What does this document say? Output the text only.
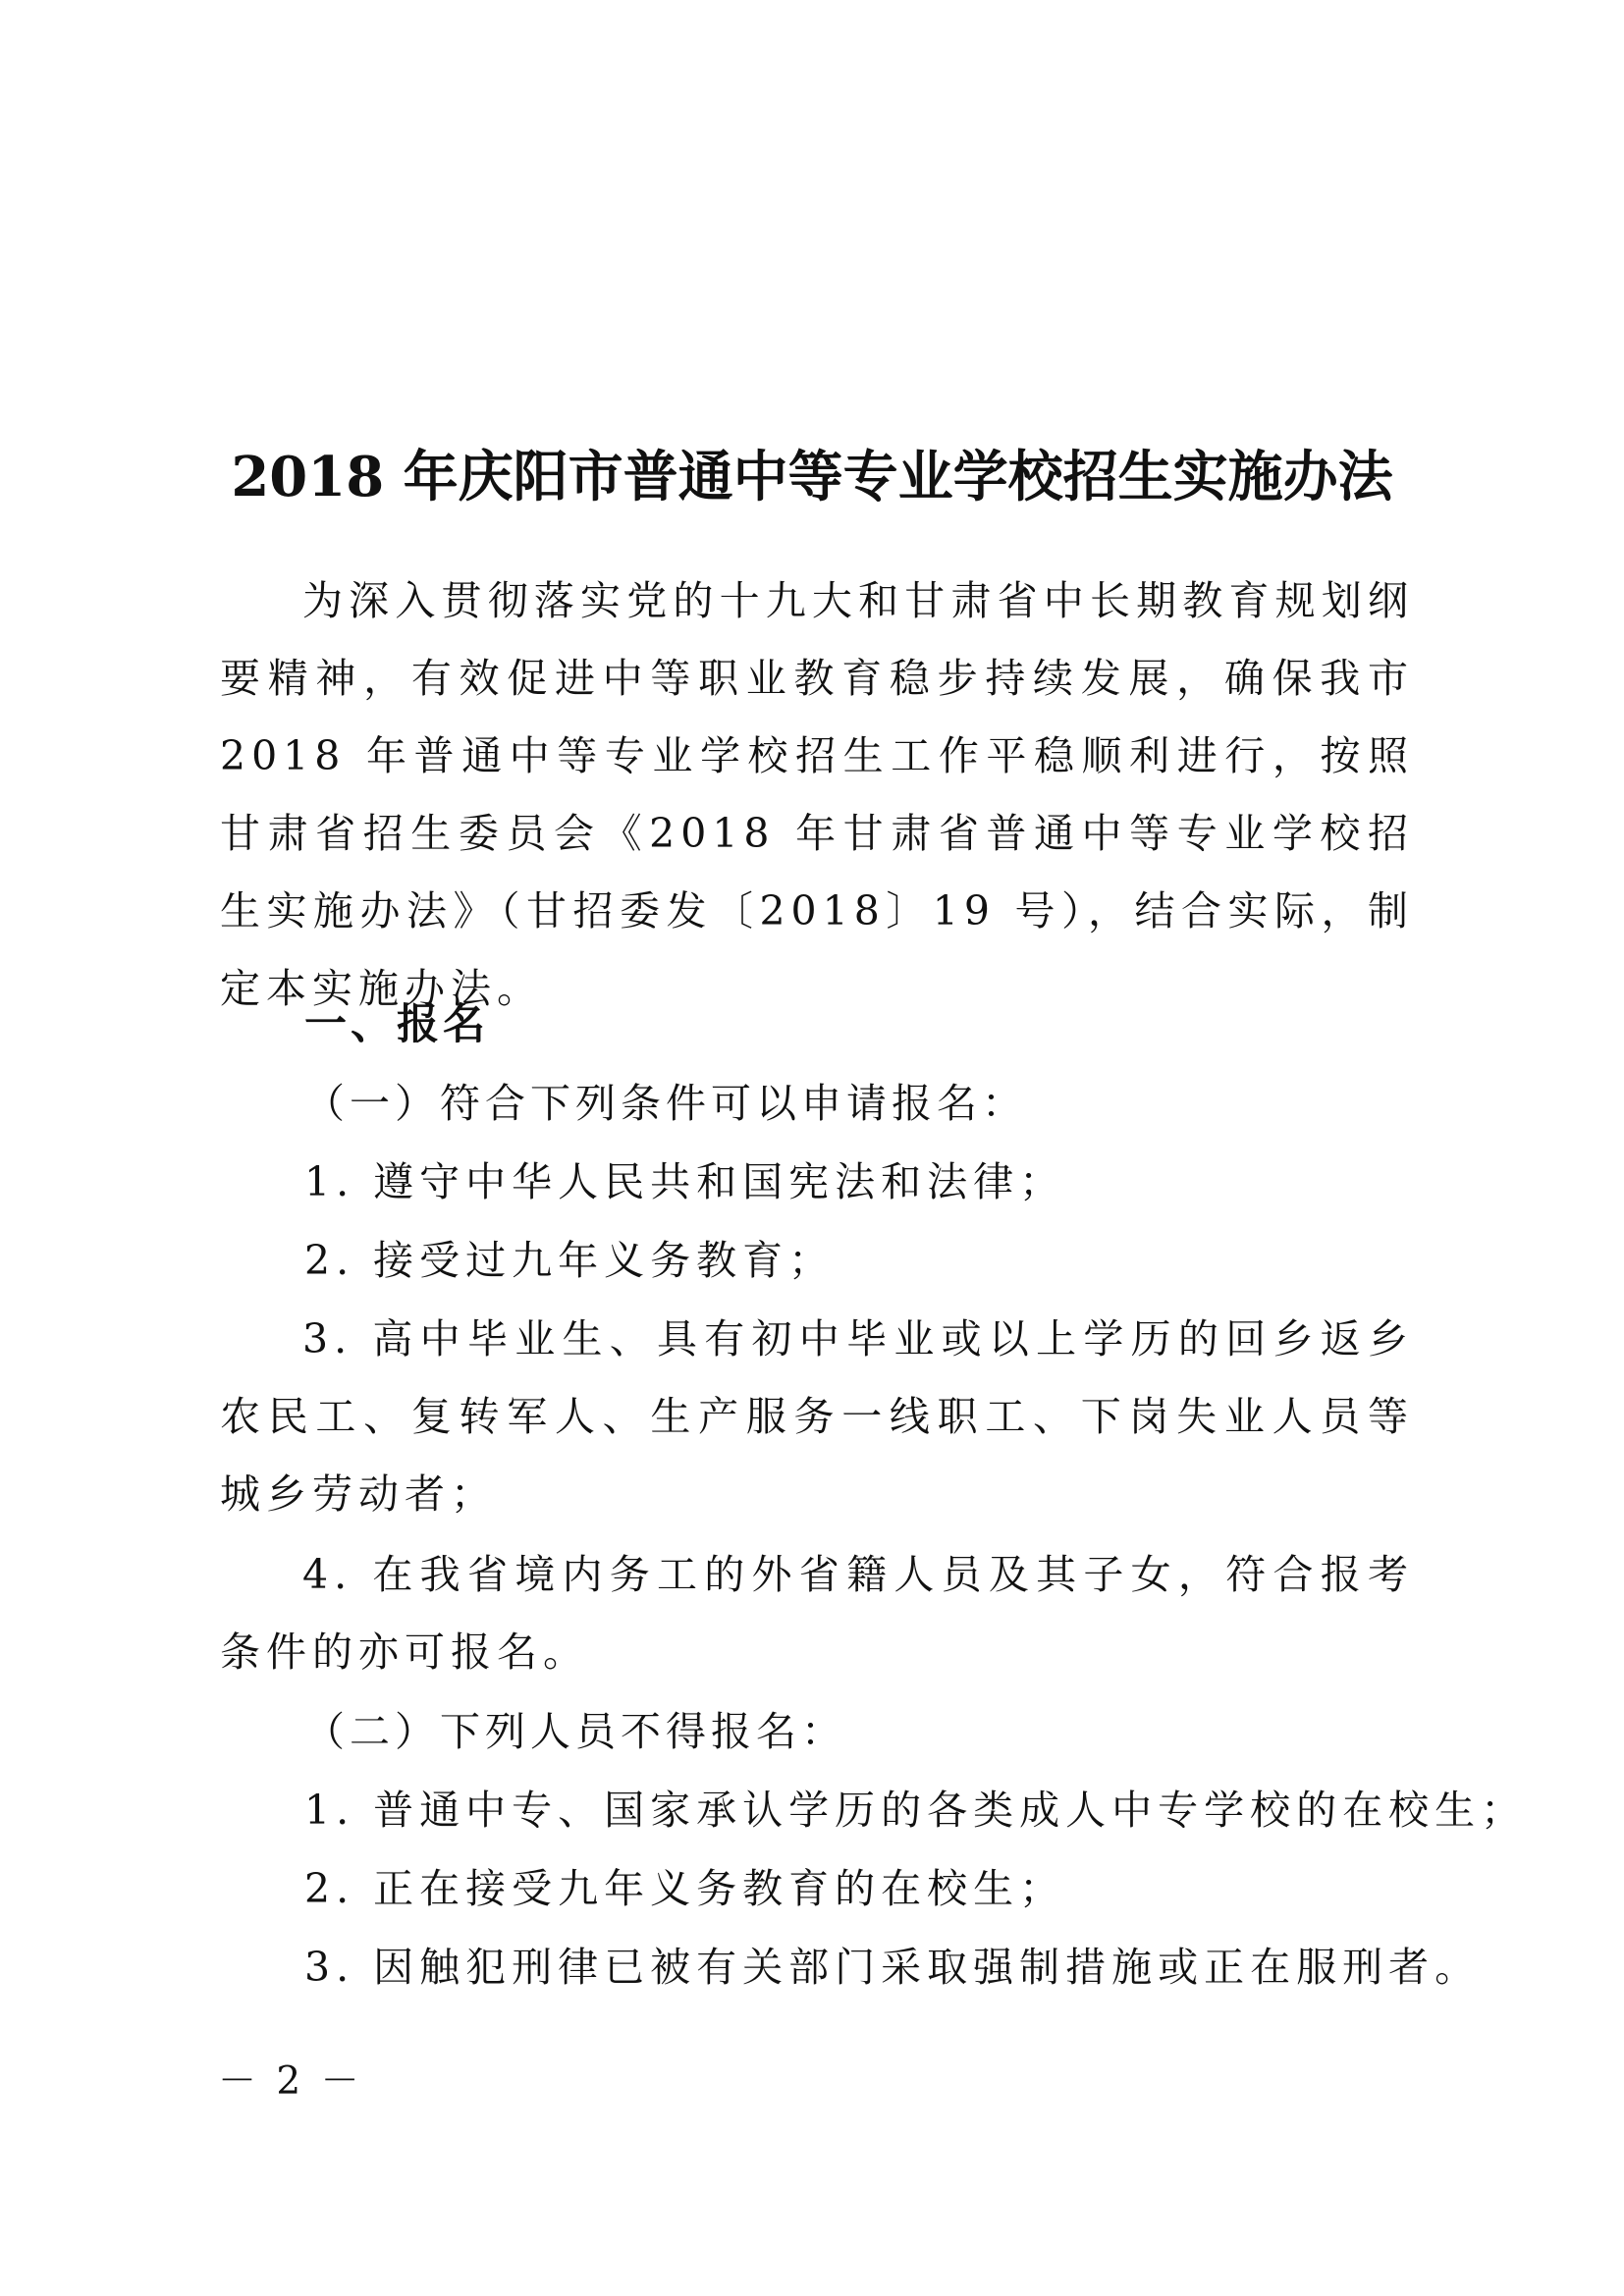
2018 年庆阳市普通中等专业学校招生实施办法

为深入贯彻落实党的十九大和甘肃省中长期教育规划纲要精神，有效促进中等职业教育稳步持续发展，确保我市 2018 年普通中等专业学校招生工作平稳顺利进行，按照甘肃省招生委员会《2018 年甘肃省普通中等专业学校招生实施办法》（甘招委发〔2018〕19 号），结合实际，制定本实施办法。

一、报名
（一）符合下列条件可以申请报名：
1. 遵守中华人民共和国宪法和法律；
2. 接受过九年义务教育；

3. 高中毕业生、具有初中毕业或以上学历的回乡返乡农民工、复转军人、生产服务一线职工、下岗失业人员等城乡劳动者；

4. 在我省境内务工的外省籍人员及其子女，符合报考条件的亦可报名。

（二）下列人员不得报名：
1. 普通中专、国家承认学历的各类成人中专学校的在校生；
2. 正在接受九年义务教育的在校生；
3. 因触犯刑律已被有关部门采取强制措施或正在服刑者。
－ 2 －
